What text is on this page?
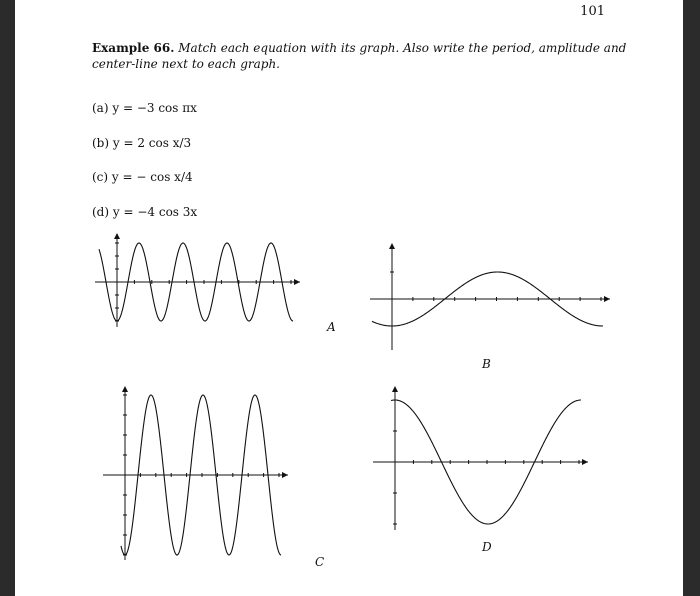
101
Example 66. Match each equation with its graph. Also write the period, amplitude and center-line next to each graph.
(a) y = −3 cos πx
(b) y = 2 cos x/3
(c) y = − cos x/4
(d) y = −4 cos 3x
A
B
C
D
